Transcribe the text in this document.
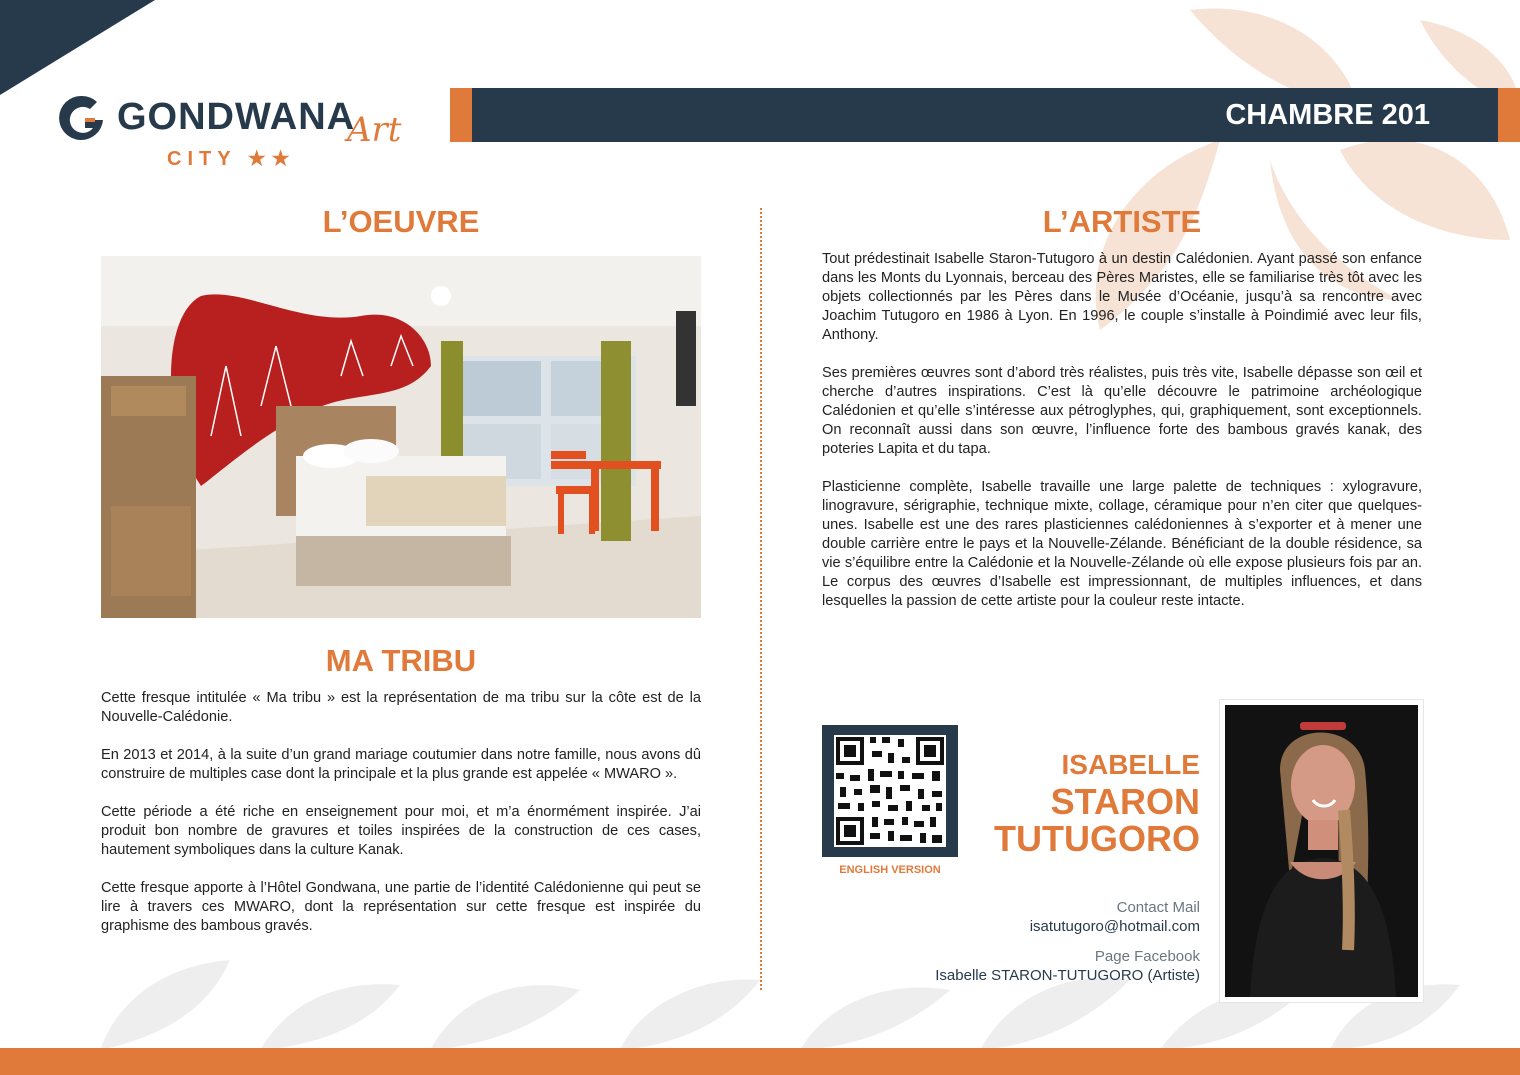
GONDWANA
Art
CITY ★★
CHAMBRE 201
L’OEUVRE
MA TRIBU

Cette fresque intitulée « Ma tribu » est la représentation de ma tribu sur la côte est de la Nouvelle-Calédonie.

En 2013 et 2014, à la suite d’un grand mariage coutumier dans notre famille, nous avons dû construire de multiples case dont la principale et la plus grande est appelée « MWARO ».

Cette période a été riche en enseignement pour moi, et m’a énormément inspirée. J’ai produit bon nombre de gravures et toiles inspirées de la construction de ces cases, hautement symboliques dans la culture Kanak.

Cette fresque apporte à l’Hôtel Gondwana, une partie de l’identité Calédonienne qui peut se lire à travers ces MWARO, dont la représentation sur cette fresque est inspirée du graphisme des bambous gravés.

L’ARTISTE

Tout prédestinait Isabelle Staron-Tutugoro à un destin Calédonien. Ayant passé son enfance dans les Monts du Lyonnais, berceau des Pères Maristes, elle se familiarise très tôt avec les objets collectionnés par les Pères dans le Musée d’Océanie, jusqu’à sa rencontre avec Joachim Tutugoro en 1986 à Lyon. En 1996, le couple s’installe à Poindimié avec leur fils, Anthony.

Ses premières œuvres sont d’abord très réalistes, puis très vite, Isabelle dépasse son œil et cherche d’autres inspirations. C’est là qu’elle découvre le patrimoine archéologique Calédonien et qu’elle s’intéresse aux pétroglyphes, qui, graphiquement, sont exceptionnels. On reconnaît aussi dans son œuvre, l’influence forte des bambous gravés kanak, des poteries Lapita et du tapa.

Plasticienne complète, Isabelle travaille une large palette de techniques : xylogravure, linogravure, sérigraphie, technique mixte, collage, céramique pour n’en citer que quelques-unes. Isabelle est une des rares plasticiennes calédoniennes à s’exporter et à mener une double carrière entre le pays et la Nouvelle-Zélande. Bénéficiant de la double résidence, sa vie s’équilibre entre la Calédonie et la Nouvelle-Zélande où elle expose plusieurs fois par an. Le corpus des œuvres d’Isabelle est impressionnant, de multiples influences, et dans lesquelles la passion de cette artiste pour la couleur reste intacte.

ENGLISH VERSION
ISABELLE
STARON
TUTUGORO
Contact Mail
isatutugoro@hotmail.com
Page Facebook
Isabelle STARON-TUTUGORO (Artiste)
